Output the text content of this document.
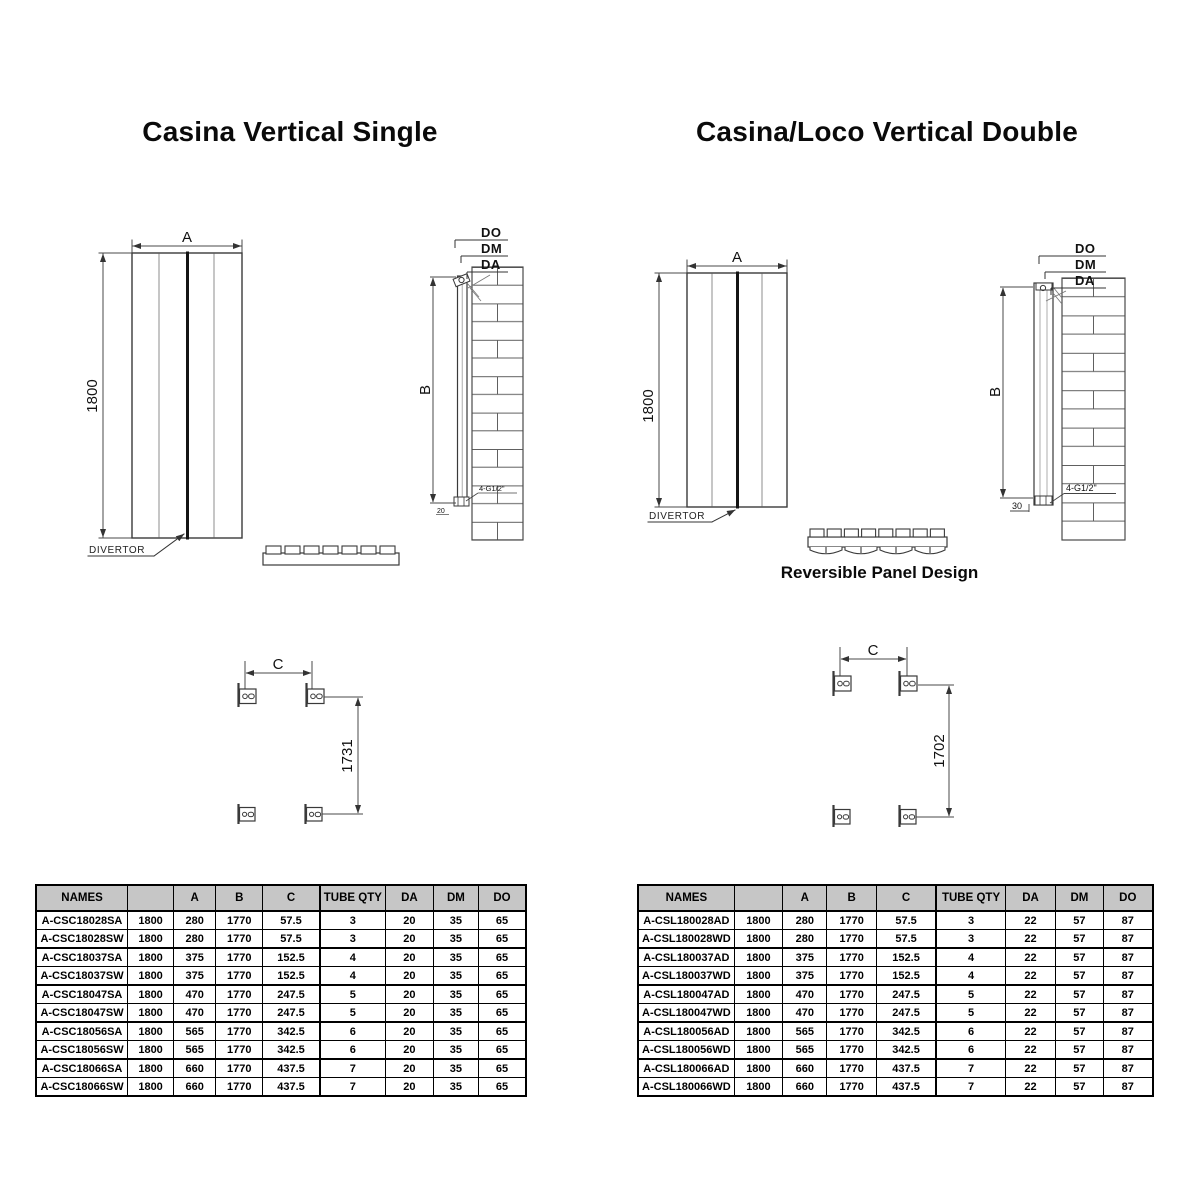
Casina Vertical Single	Casina/Loco Vertical Double
Reversible Panel Design
A
1800
DIVERTOR
B
DO
DM
DA
4-G1/2"
20
C
1731
A
1800
DIVERTOR
B
DO
DM
DA
4-G1/2"
30
C
1702
NAMES		A	B	C	TUBE QTY	DA	DM	DO
A-CSC18028SA	1800	280	1770	57.5	3	20	35	65
A-CSC18028SW	1800	280	1770	57.5	3	20	35	65
A-CSC18037SA	1800	375	1770	152.5	4	20	35	65
A-CSC18037SW	1800	375	1770	152.5	4	20	35	65
A-CSC18047SA	1800	470	1770	247.5	5	20	35	65
A-CSC18047SW	1800	470	1770	247.5	5	20	35	65
A-CSC18056SA	1800	565	1770	342.5	6	20	35	65
A-CSC18056SW	1800	565	1770	342.5	6	20	35	65
A-CSC18066SA	1800	660	1770	437.5	7	20	35	65
A-CSC18066SW	1800	660	1770	437.5	7	20	35	65
NAMES		A	B	C	TUBE QTY	DA	DM	DO
A-CSL180028AD	1800	280	1770	57.5	3	22	57	87
A-CSL180028WD	1800	280	1770	57.5	3	22	57	87
A-CSL180037AD	1800	375	1770	152.5	4	22	57	87
A-CSL180037WD	1800	375	1770	152.5	4	22	57	87
A-CSL180047AD	1800	470	1770	247.5	5	22	57	87
A-CSL180047WD	1800	470	1770	247.5	5	22	57	87
A-CSL180056AD	1800	565	1770	342.5	6	22	57	87
A-CSL180056WD	1800	565	1770	342.5	6	22	57	87
A-CSL180066AD	1800	660	1770	437.5	7	22	57	87
A-CSL180066WD	1800	660	1770	437.5	7	22	57	87
